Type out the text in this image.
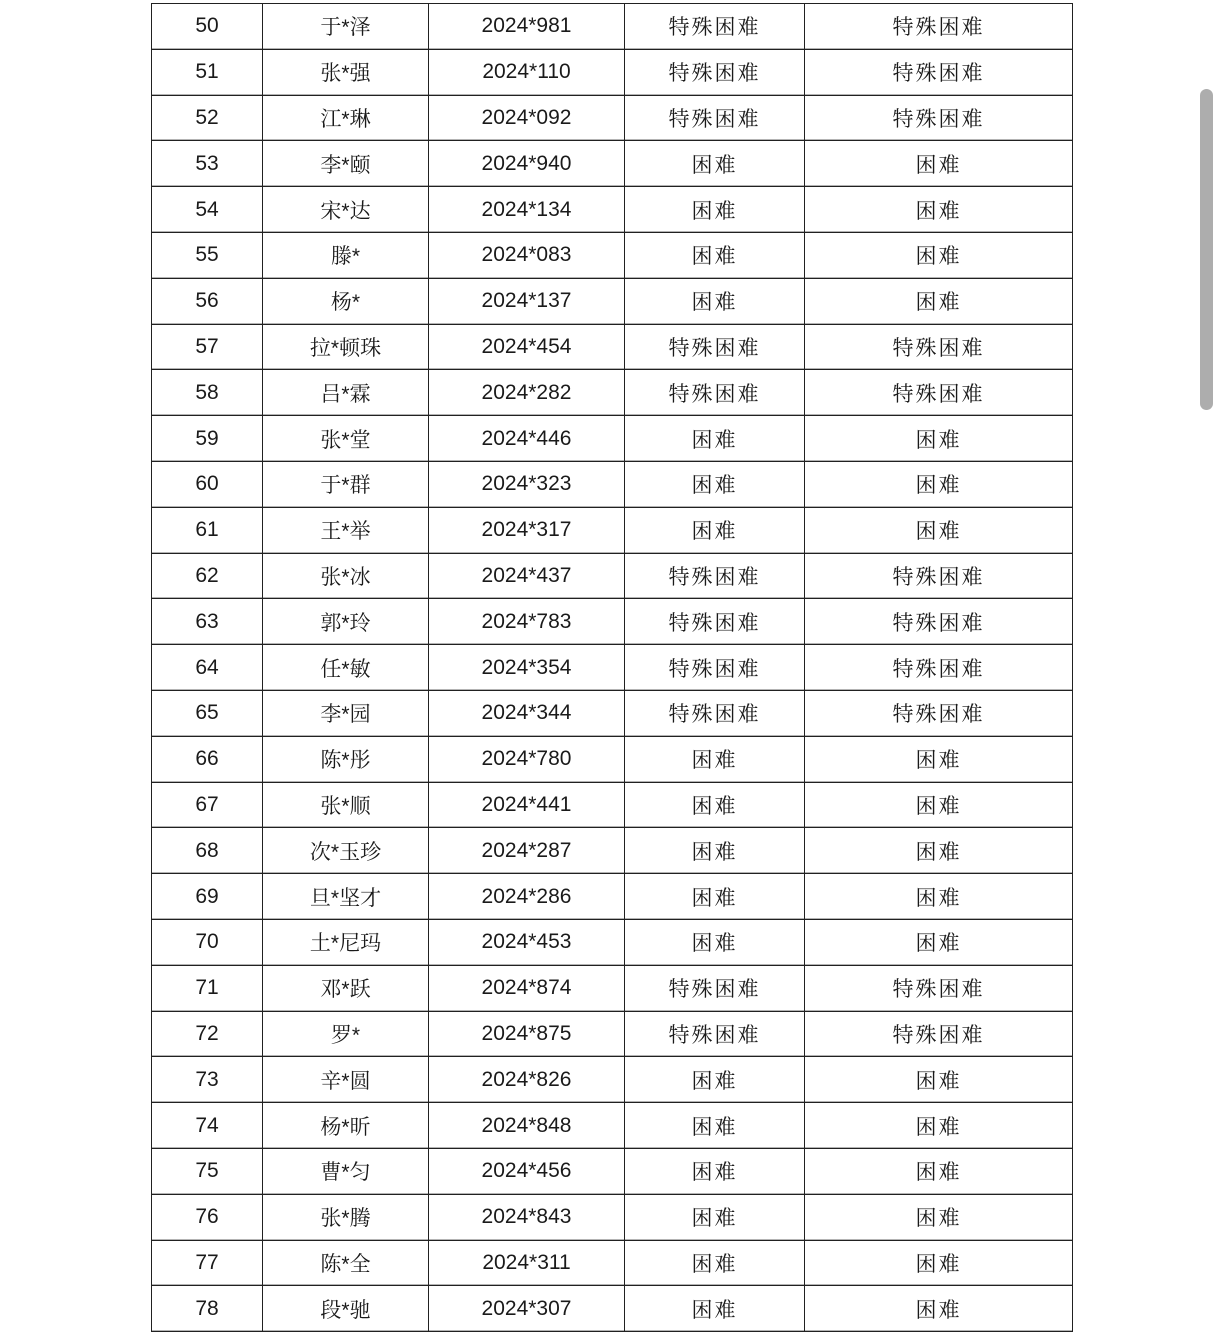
50	于*泽	2024*981	特殊困难	特殊困难
51	张*强	2024*110	特殊困难	特殊困难
52	江*琳	2024*092	特殊困难	特殊困难
53	李*颐	2024*940	困难	困难
54	宋*达	2024*134	困难	困难
55	滕*	2024*083	困难	困难
56	杨*	2024*137	困难	困难
57	拉*顿珠	2024*454	特殊困难	特殊困难
58	吕*霖	2024*282	特殊困难	特殊困难
59	张*堂	2024*446	困难	困难
60	于*群	2024*323	困难	困难
61	王*举	2024*317	困难	困难
62	张*冰	2024*437	特殊困难	特殊困难
63	郭*玲	2024*783	特殊困难	特殊困难
64	任*敏	2024*354	特殊困难	特殊困难
65	李*园	2024*344	特殊困难	特殊困难
66	陈*彤	2024*780	困难	困难
67	张*顺	2024*441	困难	困难
68	次*玉珍	2024*287	困难	困难
69	旦*坚才	2024*286	困难	困难
70	土*尼玛	2024*453	困难	困难
71	邓*跃	2024*874	特殊困难	特殊困难
72	罗*	2024*875	特殊困难	特殊困难
73	辛*圆	2024*826	困难	困难
74	杨*昕	2024*848	困难	困难
75	曹*匀	2024*456	困难	困难
76	张*腾	2024*843	困难	困难
77	陈*全	2024*311	困难	困难
78	段*驰	2024*307	困难	困难
